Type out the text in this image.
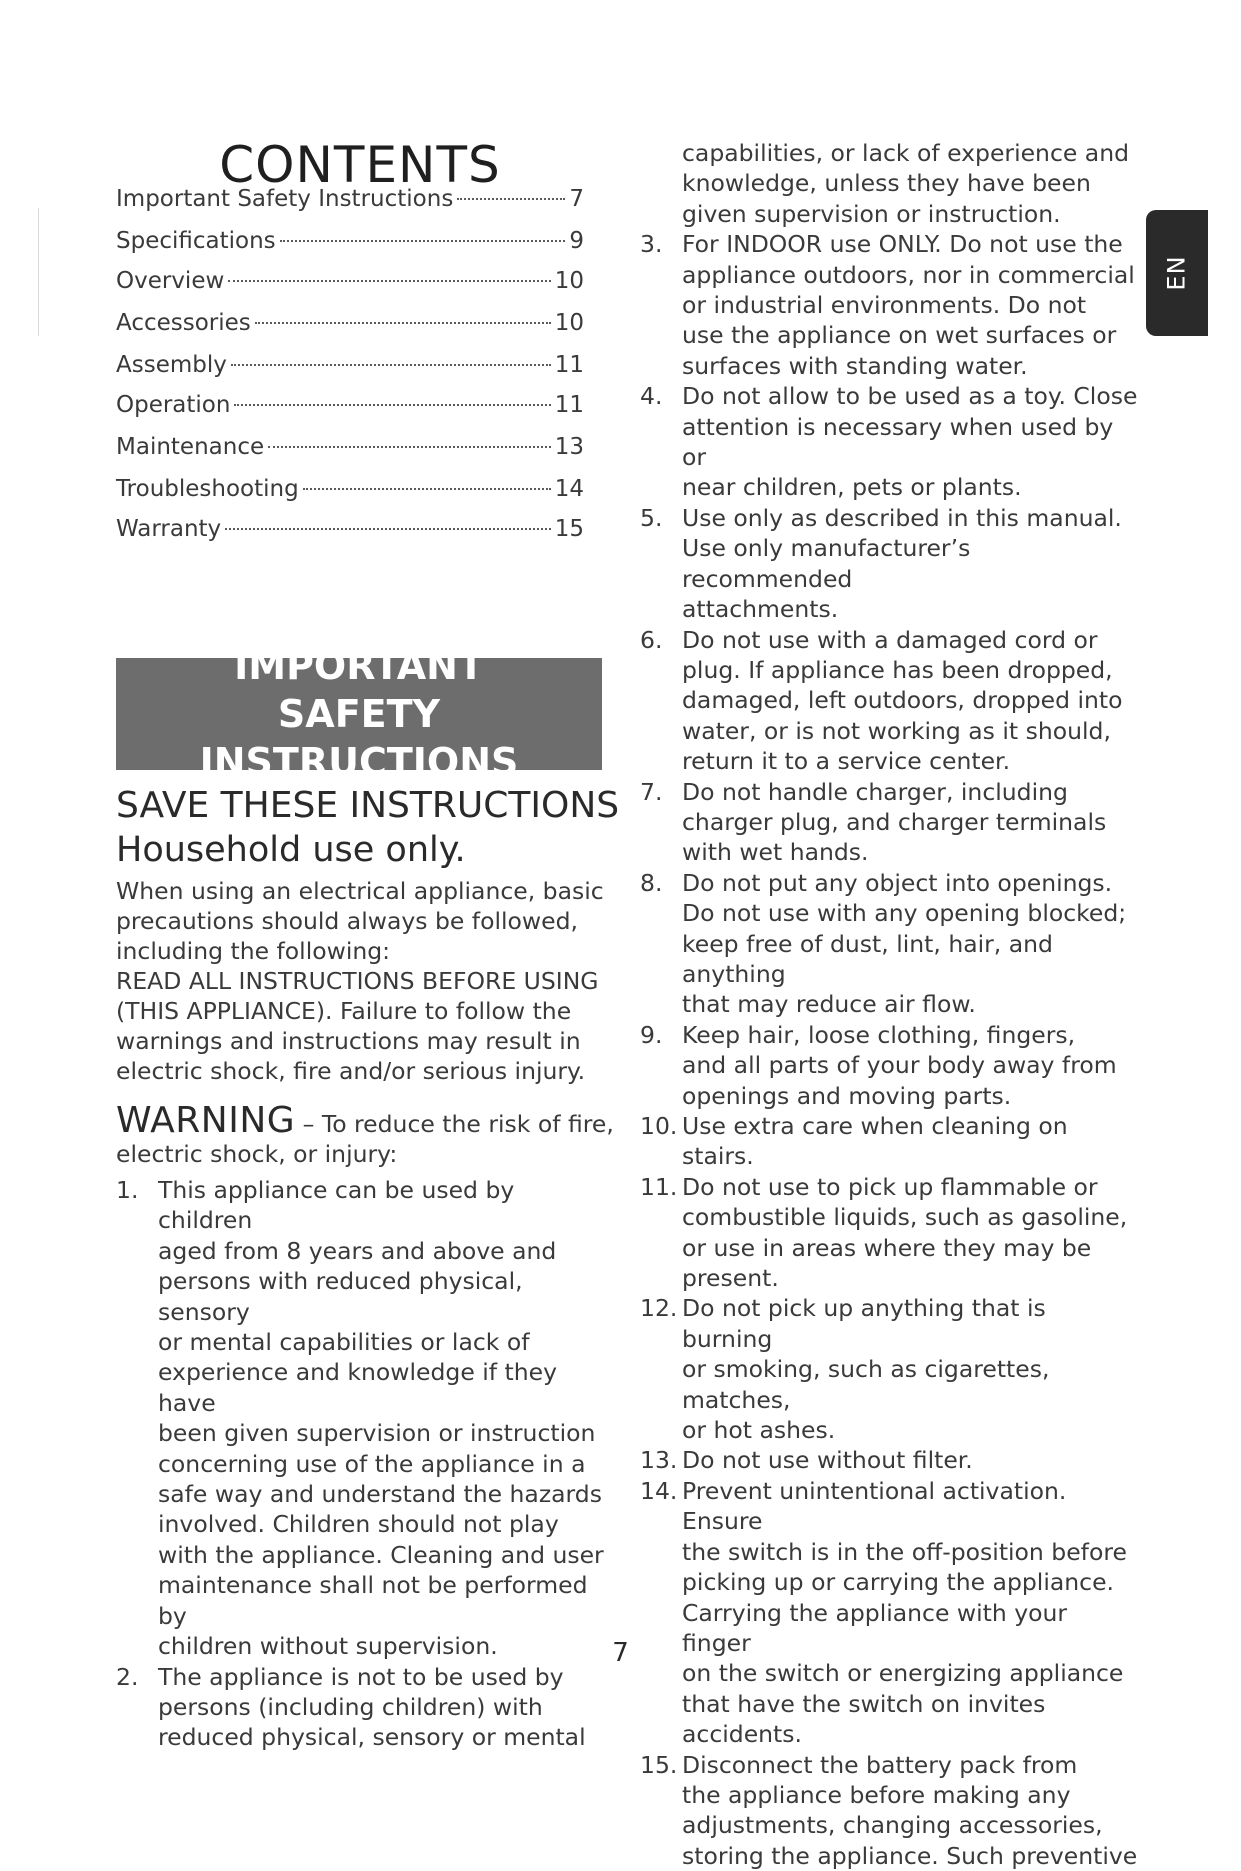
CONTENTS
Important Safety Instructions	7
Specifications	9
Overview	10
Accessories	10
Assembly	11
Operation	11
Maintenance	13
Troubleshooting	14
Warranty	15
IMPORTANT SAFETY INSTRUCTIONS
SAVE THESE INSTRUCTIONS
Household use only.
When using an electrical appliance, basic
precautions should always be followed,
including the following:
READ ALL INSTRUCTIONS BEFORE USING
(THIS APPLIANCE). Failure to follow the
warnings and instructions may result in
electric shock, fire and/or serious injury.
WARNING – To reduce the risk of fire,
electric shock, or injury:
1. This appliance can be used by children
aged from 8 years and above and
persons with reduced physical, sensory
or mental capabilities or lack of
experience and knowledge if they have
been given supervision or instruction
concerning use of the appliance in a
safe way and understand the hazards
involved. Children should not play
with the appliance. Cleaning and user
maintenance shall not be performed by
children without supervision.
2. The appliance is not to be used by
persons (including children) with
reduced physical, sensory or mental
capabilities, or lack of experience and
knowledge, unless they have been
given supervision or instruction.
3. For INDOOR use ONLY. Do not use the
appliance outdoors, nor in commercial
or industrial environments. Do not
use the appliance on wet surfaces or
surfaces with standing water.
4. Do not allow to be used as a toy. Close
attention is necessary when used by or
near children, pets or plants.
5. Use only as described in this manual.
Use only manufacturer’s recommended
attachments.
6. Do not use with a damaged cord or
plug. If appliance has been dropped,
damaged, left outdoors, dropped into
water, or is not working as it should,
return it to a service center.
7. Do not handle charger, including
charger plug, and charger terminals
with wet hands.
8. Do not put any object into openings.
Do not use with any opening blocked;
keep free of dust, lint, hair, and anything
that may reduce air flow.
9. Keep hair, loose clothing, fingers,
and all parts of your body away from
openings and moving parts.
10. Use extra care when cleaning on stairs.
11. Do not use to pick up flammable or
combustible liquids, such as gasoline,
or use in areas where they may be
present.
12. Do not pick up anything that is burning
or smoking, such as cigarettes, matches,
or hot ashes.
13. Do not use without filter.
14. Prevent unintentional activation. Ensure
the switch is in the off-position before
picking up or carrying the appliance.
Carrying the appliance with your finger
on the switch or energizing appliance
that have the switch on invites
accidents.
15. Disconnect the battery pack from
the appliance before making any
adjustments, changing accessories,
storing the appliance. Such preventive
EN
7
